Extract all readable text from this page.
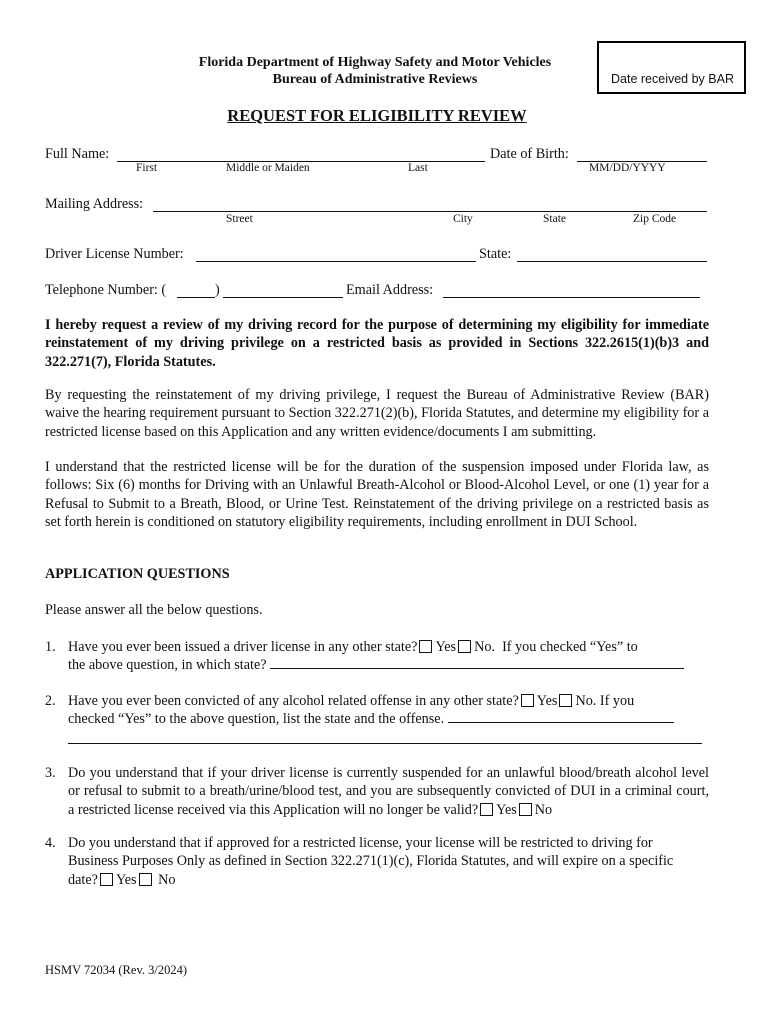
Florida Department of Highway Safety and Motor Vehicles
Bureau of Administrative Reviews	Date received by BAR
REQUEST FOR ELIGIBILITY REVIEW
Full Name:	Date of Birth:
First	Middle or Maiden	Last	MM/DD/YYYY
Mailing Address:
Street	City	State	Zip Code
Driver License Number:	State:
Telephone Number: (	)	Email Address:
I hereby request a review of my driving record for the purpose of determining my eligibility for immediate reinstatement of my driving privilege on a restricted basis as provided in Sections 322.2615(1)(b)3 and 322.271(7), Florida Statutes.
By requesting the reinstatement of my driving privilege, I request the Bureau of Administrative Review (BAR) waive the hearing requirement pursuant to Section 322.271(2)(b), Florida Statutes, and determine my eligibility for a restricted license based on this Application and any written evidence/documents I am submitting.
I understand that the restricted license will be for the duration of the suspension imposed under Florida law, as follows: Six (6) months for Driving with an Unlawful Breath-Alcohol or Blood-Alcohol Level, or one (1) year for a Refusal to Submit to a Breath, Blood, or Urine Test. Reinstatement of the driving privilege on a restricted basis as set forth herein is conditioned on statutory eligibility requirements, including enrollment in DUI School.
APPLICATION QUESTIONS
Please answer all the below questions.
1. Have you ever been issued a driver license in any other state? Yes No. If you checked “Yes” to
the above question, in which state?
2. Have you ever been convicted of any alcohol related offense in any other state? Yes No. If you
checked “Yes” to the above question, list the state and the offense.

3. Do you understand that if your driver license is currently suspended for an unlawful blood/breath alcohol level or refusal to submit to a breath/urine/blood test, and you are subsequently convicted of DUI in a criminal court, a restricted license received via this Application will no longer be valid? Yes No
4. Do you understand that if approved for a restricted license, your license will be restricted to driving for Business Purposes Only as defined in Section 322.271(1)(c), Florida Statutes, and will expire on a specific date? Yes No
HSMV 72034 (Rev. 3/2024)
